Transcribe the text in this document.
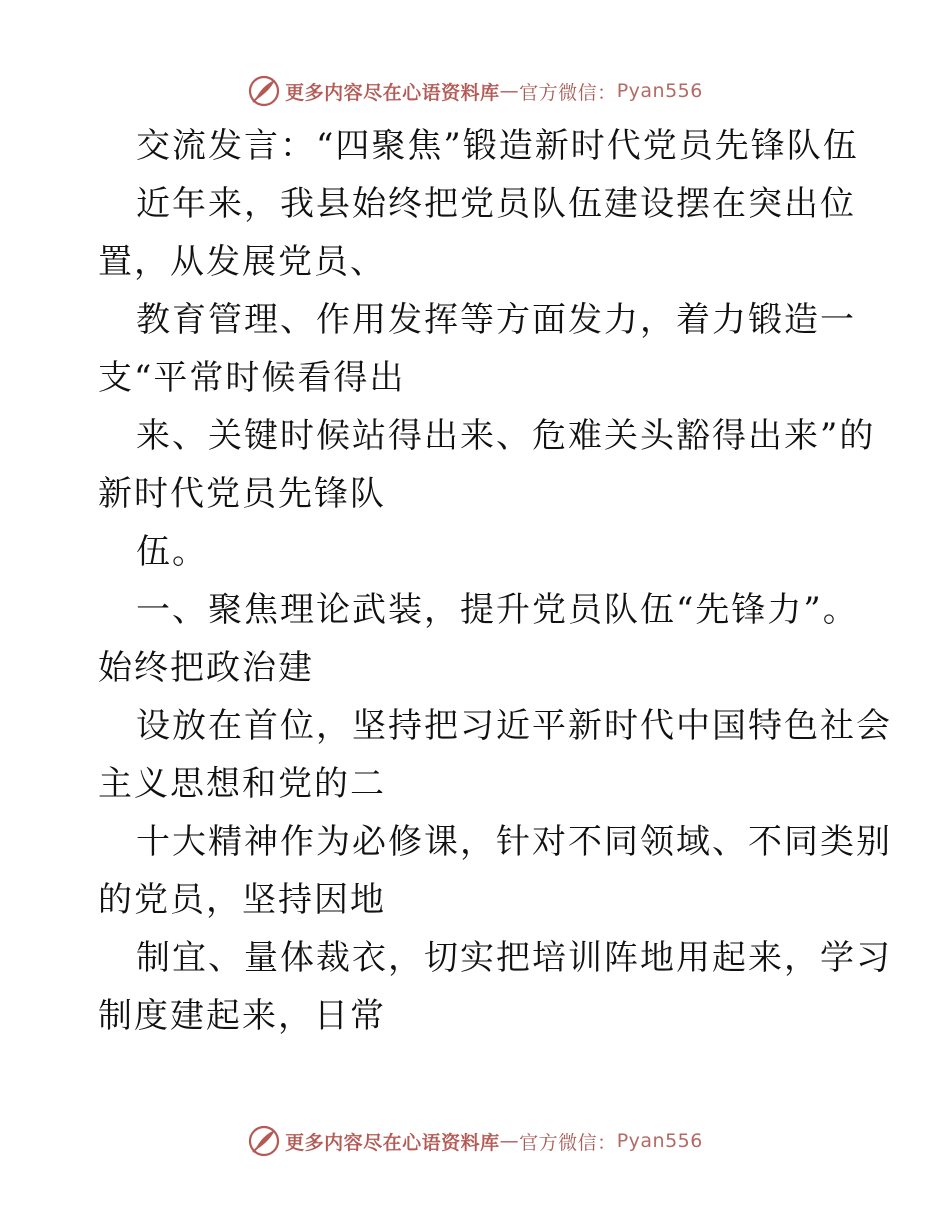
更多内容尽在心语资料库 — 官方微信： Pyan556
交流发言：“四聚焦”锻造新时代党员先锋队伍
近年来，我县始终把党员队伍建设摆在突出位
置，从发展党员、
教育管理、作用发挥等方面发力，着力锻造一
支“平常时候看得出
来、关键时候站得出来、危难关头豁得出来”的
新时代党员先锋队
伍。
一、聚焦理论武装，提升党员队伍“先锋力”。
始终把政治建
设放在首位，坚持把习近平新时代中国特色社会
主义思想和党的二
十大精神作为必修课，针对不同领域、不同类别
的党员，坚持因地
制宜、量体裁衣，切实把培训阵地用起来，学习
制度建起来，日常
更多内容尽在心语资料库 — 官方微信： Pyan556
